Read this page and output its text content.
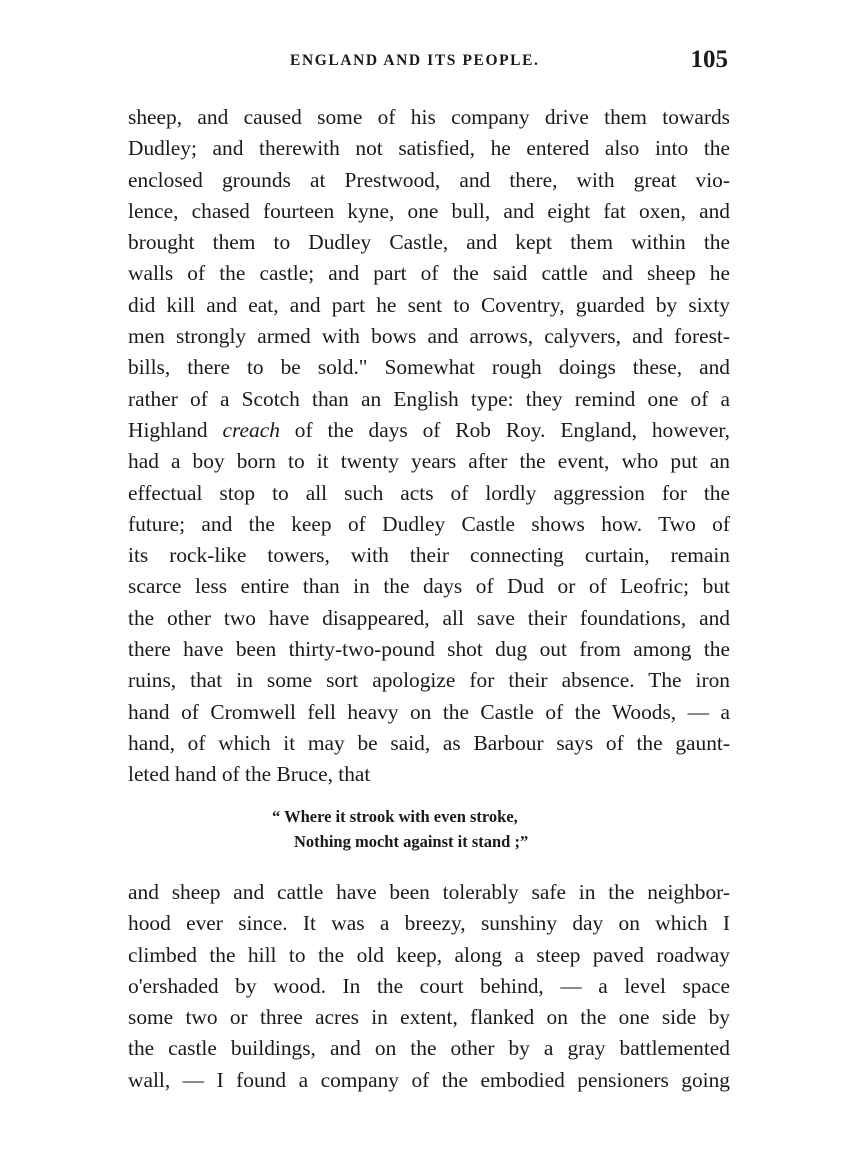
ENGLAND AND ITS PEOPLE.	105
sheep, and caused some of his company drive them towards
Dudley; and therewith not satisfied, he entered also into the
enclosed grounds at Prestwood, and there, with great vio-
lence, chased fourteen kyne, one bull, and eight fat oxen, and
brought them to Dudley Castle, and kept them within the
walls of the castle; and part of the said cattle and sheep he
did kill and eat, and part he sent to Coventry, guarded by sixty
men strongly armed with bows and arrows, calyvers, and forest-
bills, there to be sold." Somewhat rough doings these, and
rather of a Scotch than an English type: they remind one of a
Highland creach of the days of Rob Roy. England, however,
had a boy born to it twenty years after the event, who put an
effectual stop to all such acts of lordly aggression for the
future; and the keep of Dudley Castle shows how. Two of
its rock-like towers, with their connecting curtain, remain
scarce less entire than in the days of Dud or of Leofric; but
the other two have disappeared, all save their foundations, and
there have been thirty-two-pound shot dug out from among the
ruins, that in some sort apologize for their absence. The iron
hand of Cromwell fell heavy on the Castle of the Woods, — a
hand, of which it may be said, as Barbour says of the gaunt-
leted hand of the Bruce, that
“ Where it strook with even stroke,
Nothing mocht against it stand ;”
and sheep and cattle have been tolerably safe in the neighbor-
hood ever since. It was a breezy, sunshiny day on which I
climbed the hill to the old keep, along a steep paved roadway
o'ershaded by wood. In the court behind, — a level space
some two or three acres in extent, flanked on the one side by
the castle buildings, and on the other by a gray battlemented
wall, — I found a company of the embodied pensioners going
